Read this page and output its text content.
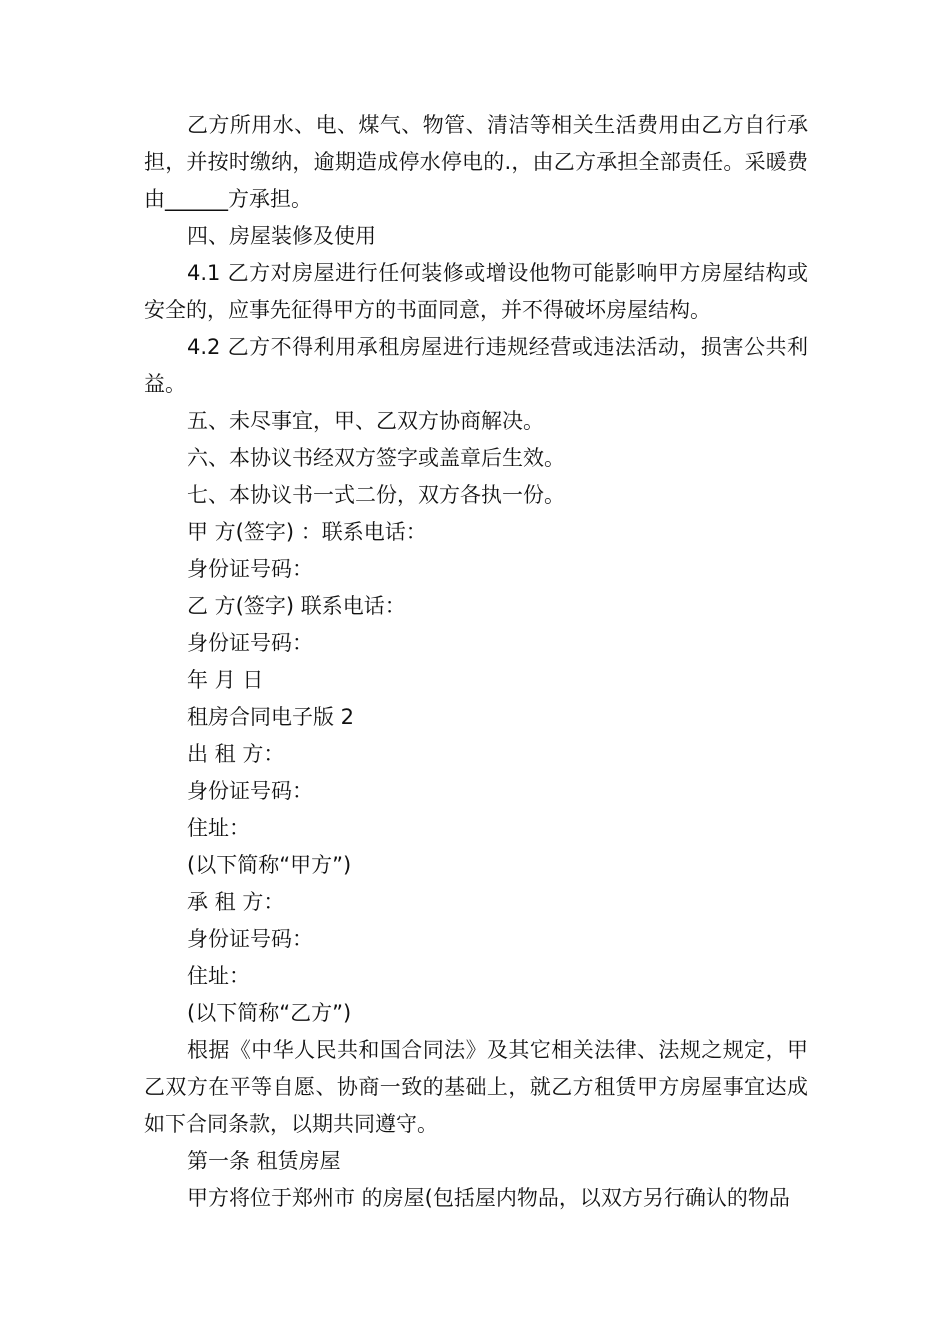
乙方所用水、电、煤气、物管、清洁等相关生活费用由乙方自行承担，并按时缴纳，逾期造成停水停电的.，由乙方承担全部责任。采暖费由______方承担。

四、房屋装修及使用

4.1 乙方对房屋进行任何装修或增设他物可能影响甲方房屋结构或安全的，应事先征得甲方的书面同意，并不得破坏房屋结构。

4.2 乙方不得利用承租房屋进行违规经营或违法活动，损害公共利益。

五、未尽事宜，甲、乙双方协商解决。

六、本协议书经双方签字或盖章后生效。

七、本协议书一式二份，双方各执一份。

甲 方(签字) ：联系电话：

身份证号码：

乙 方(签字) 联系电话：

身份证号码：

年 月 日

租房合同电子版 2

出 租 方：

身份证号码：

住址：

(以下简称“甲方”)

承 租 方：

身份证号码：

住址：

(以下简称“乙方”)

根据《中华人民共和国合同法》及其它相关法律、法规之规定，甲乙双方在平等自愿、协商一致的基础上，就乙方租赁甲方房屋事宜达成如下合同条款，以期共同遵守。

第一条 租赁房屋

甲方将位于郑州市 的房屋(包括屋内物品，以双方另行确认的物品
